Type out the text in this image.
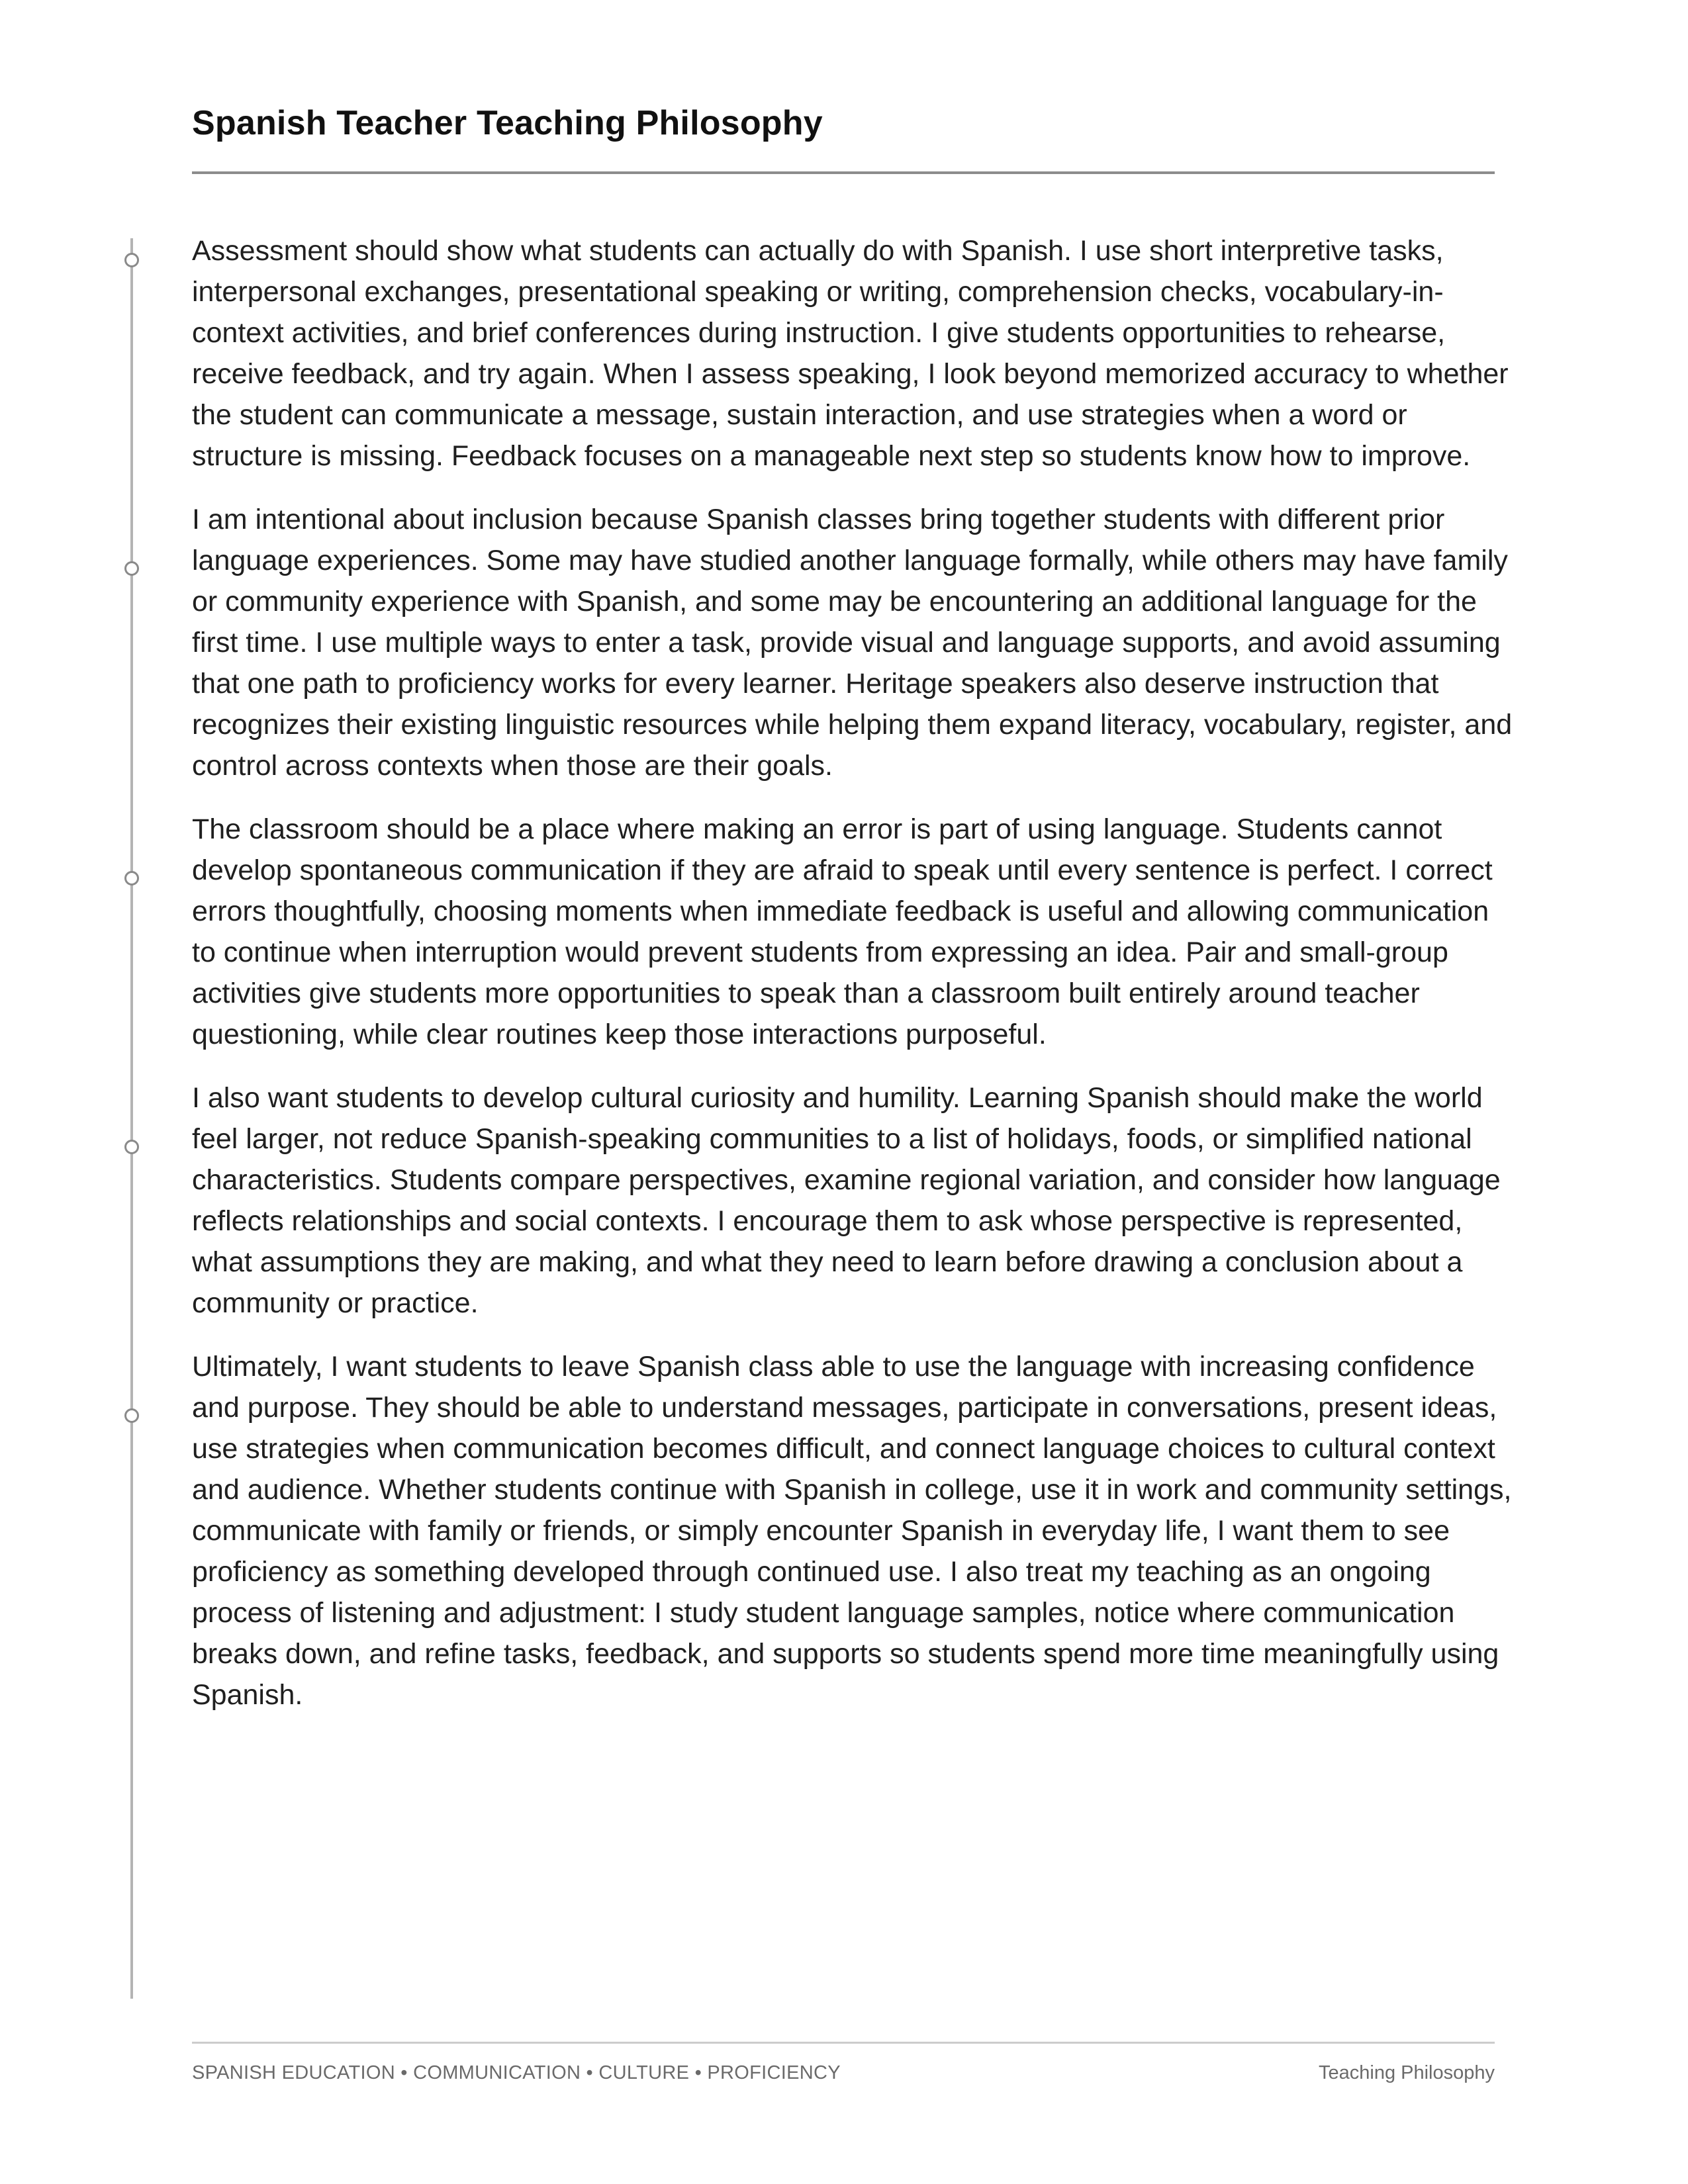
Spanish Teacher Teaching Philosophy

Assessment should show what students can actually do with Spanish. I use short interpretive tasks, interpersonal exchanges, presentational speaking or writing, comprehension checks, vocabulary-in-context activities, and brief conferences during instruction. I give students opportunities to rehearse, receive feedback, and try again. When I assess speaking, I look beyond memorized accuracy to whether the student can communicate a message, sustain interaction, and use strategies when a word or structure is missing. Feedback focuses on a manageable next step so students know how to improve.

I am intentional about inclusion because Spanish classes bring together students with different prior language experiences. Some may have studied another language formally, while others may have family or community experience with Spanish, and some may be encountering an additional language for the first time. I use multiple ways to enter a task, provide visual and language supports, and avoid assuming that one path to proficiency works for every learner. Heritage speakers also deserve instruction that recognizes their existing linguistic resources while helping them expand literacy, vocabulary, register, and control across contexts when those are their goals.

The classroom should be a place where making an error is part of using language. Students cannot develop spontaneous communication if they are afraid to speak until every sentence is perfect. I correct errors thoughtfully, choosing moments when immediate feedback is useful and allowing communication to continue when interruption would prevent students from expressing an idea. Pair and small-group activities give students more opportunities to speak than a classroom built entirely around teacher questioning, while clear routines keep those interactions purposeful.

I also want students to develop cultural curiosity and humility. Learning Spanish should make the world feel larger, not reduce Spanish-speaking communities to a list of holidays, foods, or simplified national characteristics. Students compare perspectives, examine regional variation, and consider how language reflects relationships and social contexts. I encourage them to ask whose perspective is represented, what assumptions they are making, and what they need to learn before drawing a conclusion about a community or practice.

Ultimately, I want students to leave Spanish class able to use the language with increasing confidence and purpose. They should be able to understand messages, participate in conversations, present ideas, use strategies when communication becomes difficult, and connect language choices to cultural context and audience. Whether students continue with Spanish in college, use it in work and community settings, communicate with family or friends, or simply encounter Spanish in everyday life, I want them to see proficiency as something developed through continued use. I also treat my teaching as an ongoing process of listening and adjustment: I study student language samples, notice where communication breaks down, and refine tasks, feedback, and supports so students spend more time meaningfully using Spanish.

SPANISH EDUCATION • COMMUNICATION • CULTURE • PROFICIENCY	Teaching Philosophy
